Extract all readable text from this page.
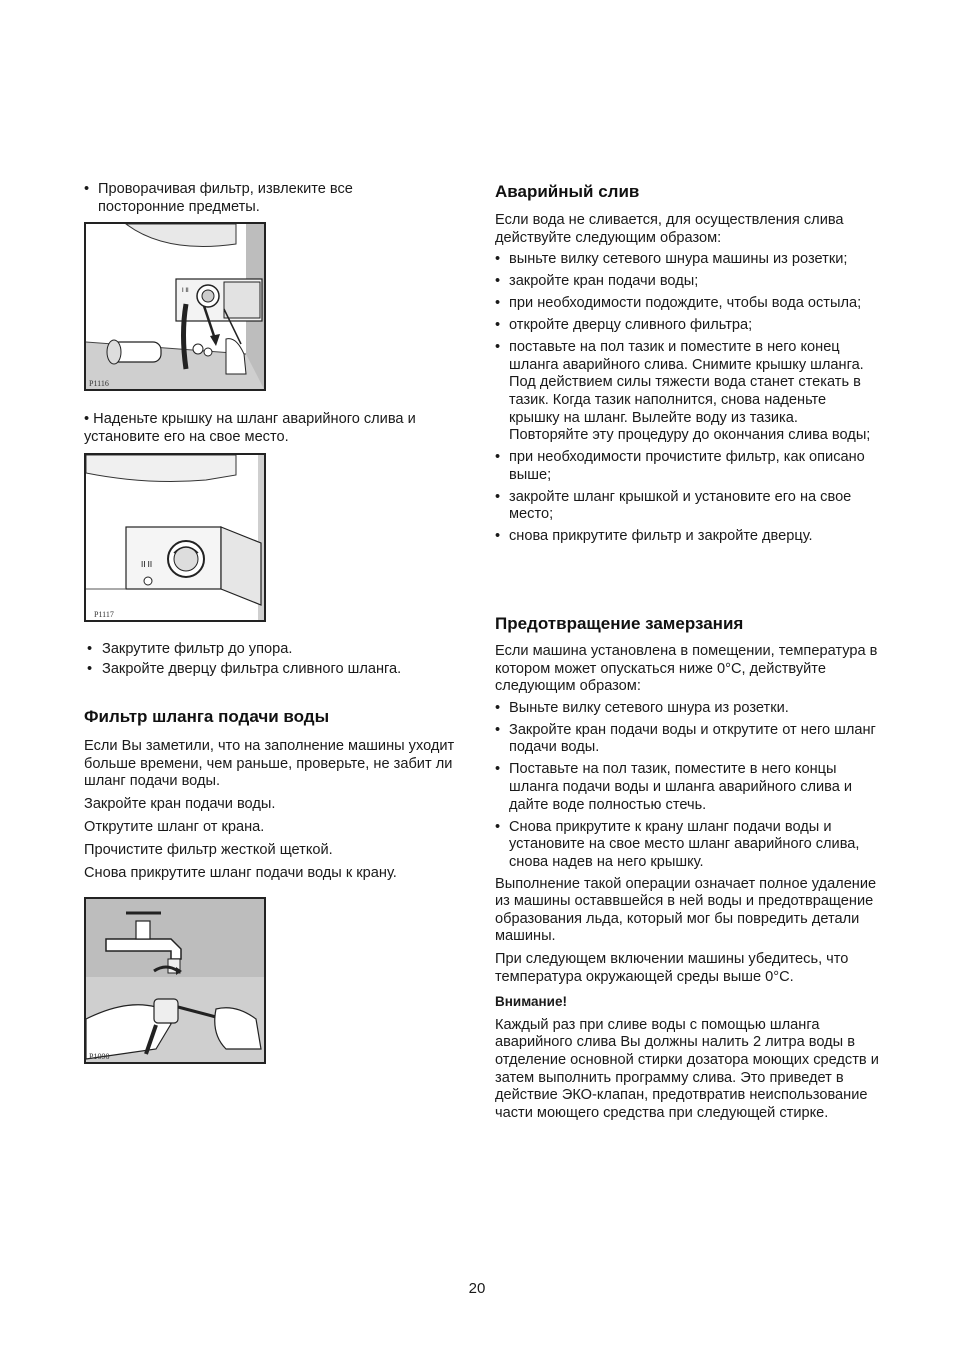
• Проворачивая фильтр, извлеките все посторонние предметы.

I II
P1116

• Наденьте крышку на шланг аварийного слива и установите его на свое место.

II II
P1117

• Закрутите фильтр до упора.

• Закройте дверцу фильтра сливного шланга.

Фильтр шланга подачи воды

Если Вы заметили, что на заполнение машины уходит больше времени, чем раньше, проверьте, не забит ли шланг подачи воды.

Закройте кран подачи воды.

Открутите шланг от крана.

Прочистите фильтр жесткой щеткой.

Снова прикрутите шланг подачи воды к крану.

P1090
Аварийный слив

Если вода не сливается, для осуществления слива действуйте следующим образом:

• выньте вилку сетевого шнура машины из розетки;
• закройте кран подачи воды;
• при необходимости подождите, чтобы вода остыла;
• откройте дверцу сливного фильтра;
• поставьте на пол тазик и поместите в него конец шланга аварийного слива. Снимите крышку шланга. Под действием силы тяжести вода станет стекать в тазик. Когда тазик наполнится, снова наденьте крышку на шланг. Вылейте воду из тазика. Повторяйте эту процедуру до окончания слива воды;
• при необходимости прочистите фильтр, как описано выше;
• закройте шланг крышкой и установите его на свое место;
• снова прикрутите фильтр и закройте дверцу.
Предотвращение замерзания

Если машина установлена в помещении, температура в котором может опускаться ниже 0°C, действуйте следующим образом:

• Выньте вилку сетевого шнура из розетки.
• Закройте кран подачи воды и открутите от него шланг подачи воды.
• Поставьте на пол тазик, поместите в него концы шланга подачи воды и шланга аварийного слива и дайте воде полностью стечь.
• Снова прикрутите к крану шланг подачи воды и установите на свое место шланг аварийного слива, снова надев на него крышку.

Выполнение такой операции означает полное удаление из машины оставвшейся в ней воды и предотвращение образования льда, который мог бы повредить детали машины.

При следующем включении машины убедитесь, что температура окружающей среды выше 0°C.

Внимание!

Каждый раз при сливе воды с помощью шланга аварийного слива Вы должны налить 2 литра воды в отделение основной стирки дозатора моющих средств и затем выполнить программу слива. Это приведет в действие ЭКО-клапан, предотвратив неиспользование части моющего средства при следующей стирке.

20
